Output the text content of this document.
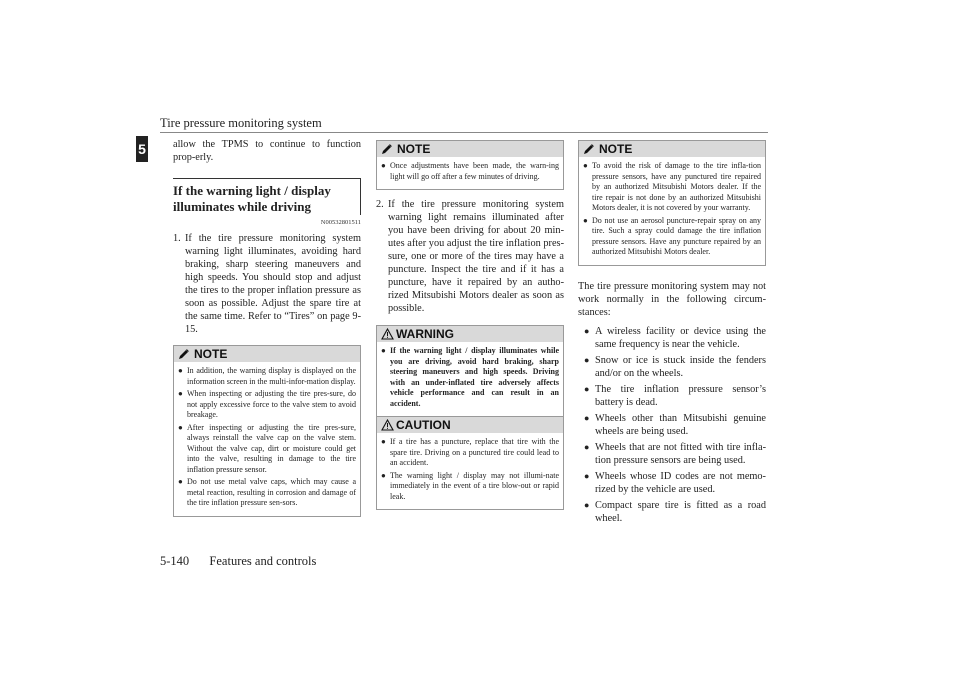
Tire pressure monitoring system
5	allow the TPMS to continue to function prop-erly.

If the warning light / display illuminates while driving
N00532801511
1. If the tire pressure monitoring system warning light illuminates, avoiding hard braking, sharp steering maneuvers and high speeds. You should stop and adjust the tires to the proper inflation pressure as soon as possible. Adjust the spare tire at the same time. Refer to “Tires” on page 9-15.

NOTE
● In addition, the warning display is displayed on the information screen in the multi-infor-mation display.

● When inspecting or adjusting the tire pres-sure, do not apply excessive force to the valve stem to avoid breakage.

● After inspecting or adjusting the tire pres-sure, always reinstall the valve cap on the valve stem. Without the valve cap, dirt or moisture could get into the valve, resulting in damage to the tire inflation pressure sensor.

● Do not use metal valve caps, which may cause a metal reaction, resulting in corrosion and damage of the tire inflation pressure sen-sors.

NOTE
● Once adjustments have been made, the warn-ing light will go off after a few minutes of driving.

2. If the tire pressure monitoring system warning light remains illuminated after you have been driving for about 20 min-utes after you adjust the tire inflation pres-sure, one or more of the tires may have a puncture. Inspect the tire and if it has a puncture, have it repaired by an autho-rized Mitsubishi Motors dealer as soon as possible.

WARNING
● If the warning light / display illuminates while you are driving, avoid hard braking, sharp steering maneuvers and high speeds. Driving with an under-inflated tire adversely affects vehicle performance and can result in an accident.

CAUTION
● If a tire has a puncture, replace that tire with the spare tire. Driving on a punctured tire could lead to an accident.

● The warning light / display may not illumi-nate immediately in the event of a tire blow-out or rapid leak.

NOTE
● To avoid the risk of damage to the tire infla-tion pressure sensors, have any punctured tire repaired by an authorized Mitsubishi Motors dealer. If the tire repair is not done by an authorized Mitsubishi Motors dealer, it is not covered by your warranty.

● Do not use an aerosol puncture-repair spray on any tire. Such a spray could damage the tire inflation pressure sensors. Have any puncture repaired by an authorized Mitsubishi Motors dealer.

The tire pressure monitoring system may not work normally in the following circum-stances:

● A wireless facility or device using the same frequency is near the vehicle.

● Snow or ice is stuck inside the fenders and/or on the wheels.

● The tire inflation pressure sensor’s battery is dead.

● Wheels other than Mitsubishi genuine wheels are being used.

● Wheels that are not fitted with tire infla-tion pressure sensors are being used.

● Wheels whose ID codes are not memo-rized by the vehicle are used.

● Compact spare tire is fitted as a road wheel.

5-140 Features and controls
